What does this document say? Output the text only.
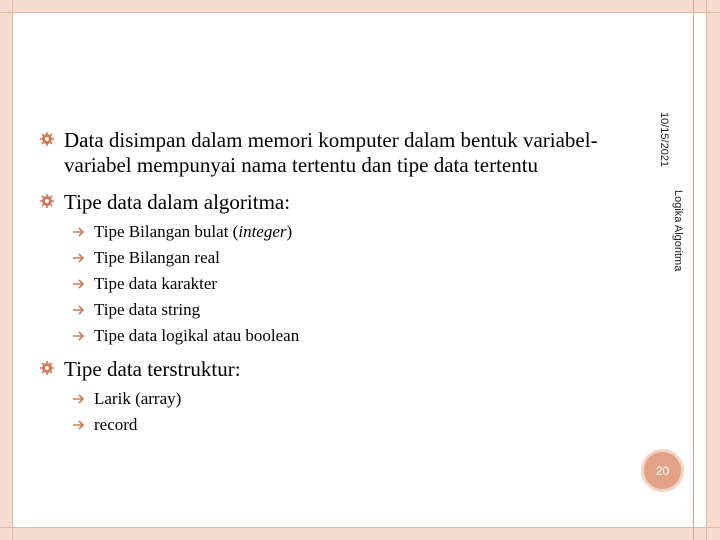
Data disimpan dalam memori komputer dalam bentuk variabel-variabel mempunyai nama tertentu dan tipe data tertentu
Tipe data dalam algoritma:
Tipe Bilangan bulat (integer)
Tipe Bilangan real
Tipe data karakter
Tipe data string
Tipe data logikal atau boolean
Tipe data terstruktur:
Larik (array)
record
10/15/2021
Logika Algoritma
20
